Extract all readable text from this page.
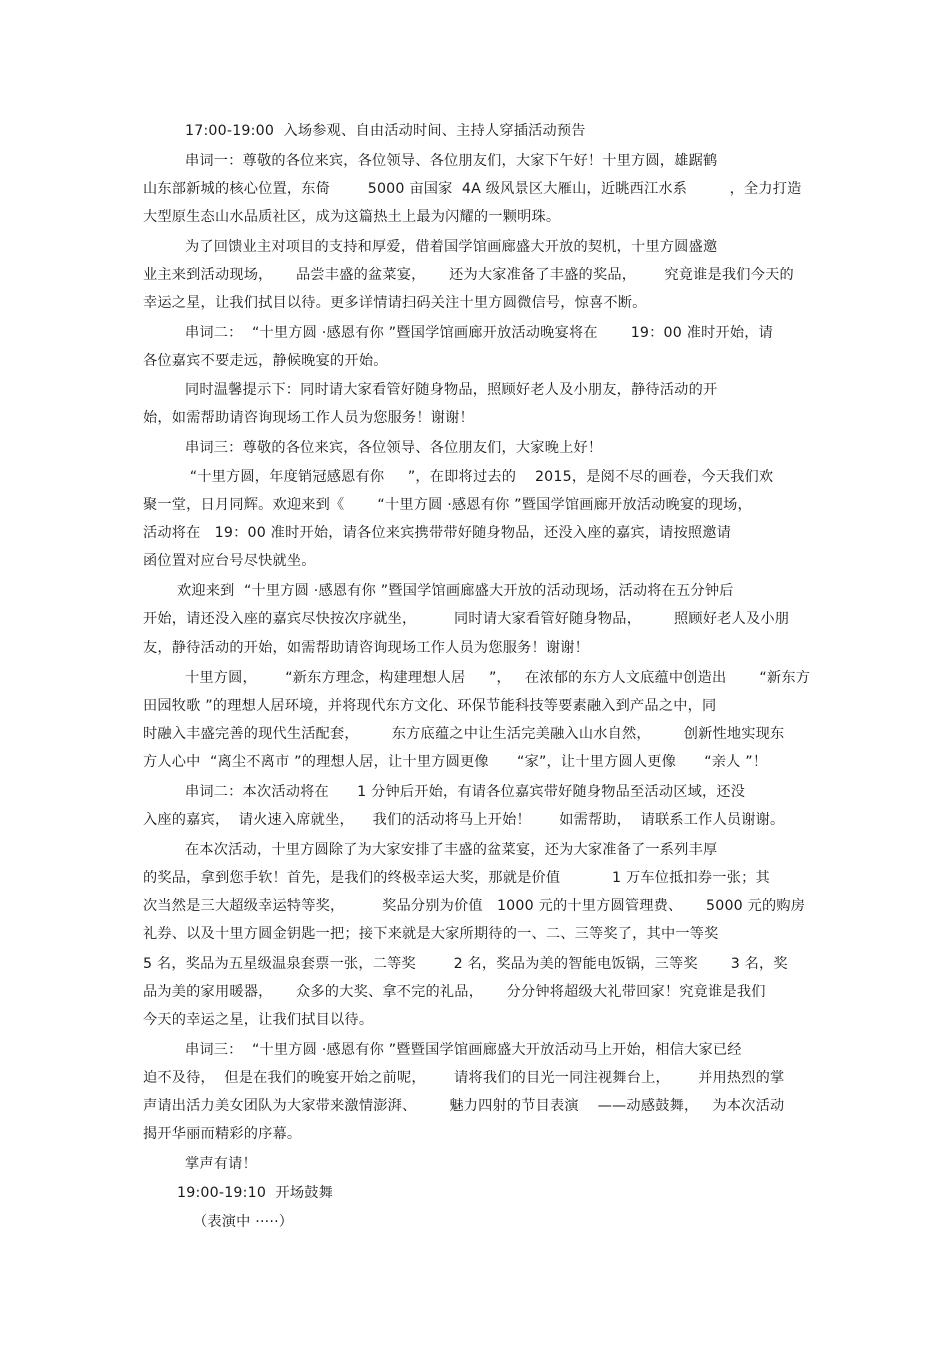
17:00-19:00  入场参观、自由活动时间、主持人穿插活动预告
串词一：尊敬的各位来宾，各位领导、各位朋友们，大家下午好！十里方圆，雄踞鹤
山东部新城的核心位置，东倚        5000 亩国家  4A 级风景区大雁山，近眺西江水系         ，全力打造
大型原生态山水品质社区，成为这篇热土上最为闪耀的一颗明珠。
为了回馈业主对项目的支持和厚爱，借着国学馆画廊盛大开放的契机，十里方圆盛邀
业主来到活动现场，     品尝丰盛的盆菜宴，     还为大家准备了丰盛的奖品，      究竟谁是我们今天的
幸运之星，让我们拭目以待。更多详情请扫码关注十里方圆微信号，惊喜不断。
串词二：  “十里方圆 ·感恩有你 ”暨国学馆画廊开放活动晚宴将在       19：00 准时开始，请
各位嘉宾不要走远，静候晚宴的开始。
同时温馨提示下：同时请大家看管好随身物品，照顾好老人及小朋友，静待活动的开
始，如需帮助请咨询现场工作人员为您服务！谢谢！
串词三：尊敬的各位来宾，各位领导、各位朋友们，大家晚上好！
“十里方圆，年度销冠感恩有你     ”，在即将过去的    2015，是阅不尽的画卷，今天我们欢
聚一堂，日月同辉。欢迎来到《       “十里方圆 ·感恩有你 ”暨国学馆画廊开放活动晚宴的现场，
活动将在   19：00 准时开始，请各位来宾携带带好随身物品，还没入座的嘉宾，请按照邀请
函位置对应台号尽快就坐。
欢迎来到  “十里方圆 ·感恩有你 ”暨国学馆画廊盛大开放的活动现场，活动将在五分钟后
开始，请还没入座的嘉宾尽快按次序就坐，        同时请大家看管好随身物品，       照顾好老人及小朋
友，静待活动的开始，如需帮助请咨询现场工作人员为您服务！谢谢！
十里方圆，      “新东方理念，构建理想人居     ”，   在浓郁的东方人文底蕴中创造出       “新东方
田园牧歌 ”的理想人居环境，并将现代东方文化、环保节能科技等要素融入到产品之中，同
时融入丰盛完善的现代生活配套，       东方底蕴之中让生活完美融入山水自然，       创新性地实现东
方人心中  “离尘不离市 ”的理想人居，让十里方圆更像      “家”，让十里方圆人更像      “亲人 ”！
串词二：本次活动将在      1 分钟后开始，有请各位嘉宾带好随身物品至活动区域，还没
入座的嘉宾，  请火速入席就坐，    我们的活动将马上开始！      如需帮助，  请联系工作人员谢谢。
在本次活动，十里方圆除了为大家安排了丰盛的盆菜宴，还为大家准备了一系列丰厚
的奖品，拿到您手软！首先，是我们的终极幸运大奖，那就是价值           1 万车位抵扣券一张；其
次当然是三大超级幸运特等奖，        奖品分别为价值   1000 元的十里方圆管理费、     5000 元的购房
礼券、以及十里方圆金钥匙一把；接下来就是大家所期待的一、二、三等奖了，其中一等奖
5 名，奖品为五星级温泉套票一张，二等奖        2 名，奖品为美的智能电饭锅，三等奖       3 名，奖
品为美的家用暖器，     众多的大奖、拿不完的礼品，     分分钟将超级大礼带回家！究竟谁是我们
今天的幸运之星，让我们拭目以待。
串词三：  “十里方圆 ·感恩有你 ”暨暨国学馆画廊盛大开放活动马上开始，相信大家已经
迫不及待，  但是在我们的晚宴开始之前呢，      请将我们的目光一同注视舞台上，      并用热烈的掌
声请出活力美女团队为大家带来激情澎湃、       魅力四射的节目表演    ——动感鼓舞，   为本次活动
揭开华丽而精彩的序幕。
掌声有请！
19:00-19:10  开场鼓舞
（表演中 ·····）
